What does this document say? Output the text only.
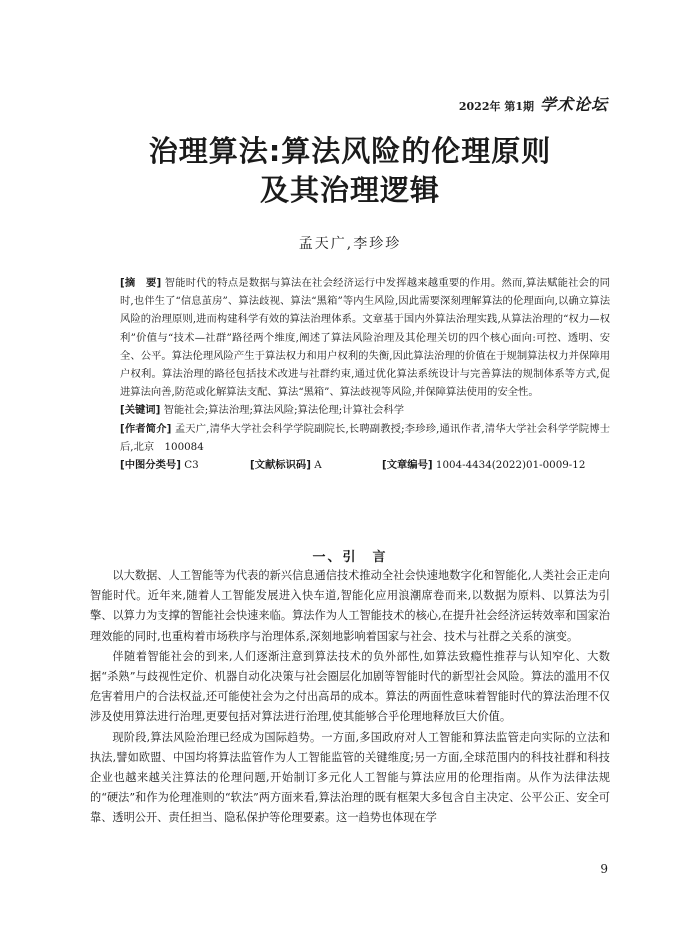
2022年 第1期 学术论坛
治理算法:算法风险的伦理原则
及其治理逻辑
孟天广,李珍珍

[摘　要] 智能时代的特点是数据与算法在社会经济运行中发挥越来越重要的作用。然而,算法赋能社会的同时,也伴生了“信息茧房”、算法歧视、算法“黑箱”等内生风险,因此需要深刻理解算法的伦理面向,以确立算法风险的治理原则,进而构建科学有效的算法治理体系。文章基于国内外算法治理实践,从算法治理的“权力—权利”价值与“技术—社群”路径两个维度,阐述了算法风险治理及其伦理关切的四个核心面向:可控、透明、安全、公平。算法伦理风险产生于算法权力和用户权利的失衡,因此算法治理的价值在于规制算法权力并保障用户权利。算法治理的路径包括技术改进与社群约束,通过优化算法系统设计与完善算法的规制体系等方式,促进算法向善,防范或化解算法支配、算法“黑箱”、算法歧视等风险,并保障算法使用的安全性。

[关键词] 智能社会;算法治理;算法风险;算法伦理;计算社会科学

[作者简介] 孟天广,清华大学社会科学学院副院长,长聘副教授;李珍珍,通讯作者,清华大学社会科学学院博士后,北京　100084

[中图分类号] C3	[文献标识码] A	[文章编号] 1004-4434(2022)01-0009-12
一、引　言

以大数据、人工智能等为代表的新兴信息通信技术推动全社会快速地数字化和智能化,人类社会正走向智能时代。近年来,随着人工智能发展进入快车道,智能化应用浪潮席卷而来,以数据为原料、以算法为引擎、以算力为支撑的智能社会快速来临。算法作为人工智能技术的核心,在提升社会经济运转效率和国家治理效能的同时,也重构着市场秩序与治理体系,深刻地影响着国家与社会、技术与社群之关系的演变。

伴随着智能社会的到来,人们逐渐注意到算法技术的负外部性,如算法致瘾性推荐与认知窄化、大数据“杀熟”与歧视性定价、机器自动化决策与社会圈层化加剧等智能时代的新型社会风险。算法的滥用不仅危害着用户的合法权益,还可能使社会为之付出高昂的成本。算法的两面性意味着智能时代的算法治理不仅涉及使用算法进行治理,更要包括对算法进行治理,使其能够合乎伦理地释放巨大价值。

现阶段,算法风险治理已经成为国际趋势。一方面,多国政府对人工智能和算法监管走向实际的立法和执法,譬如欧盟、中国均将算法监管作为人工智能监管的关键维度;另一方面,全球范围内的科技社群和科技企业也越来越关注算法的伦理问题,开始制订多元化人工智能与算法应用的伦理指南。从作为法律法规的“硬法”和作为伦理准则的“软法”两方面来看,算法治理的既有框架大多包含自主决定、公平公正、安全可靠、透明公开、责任担当、隐私保护等伦理要素。这一趋势也体现在学

9
